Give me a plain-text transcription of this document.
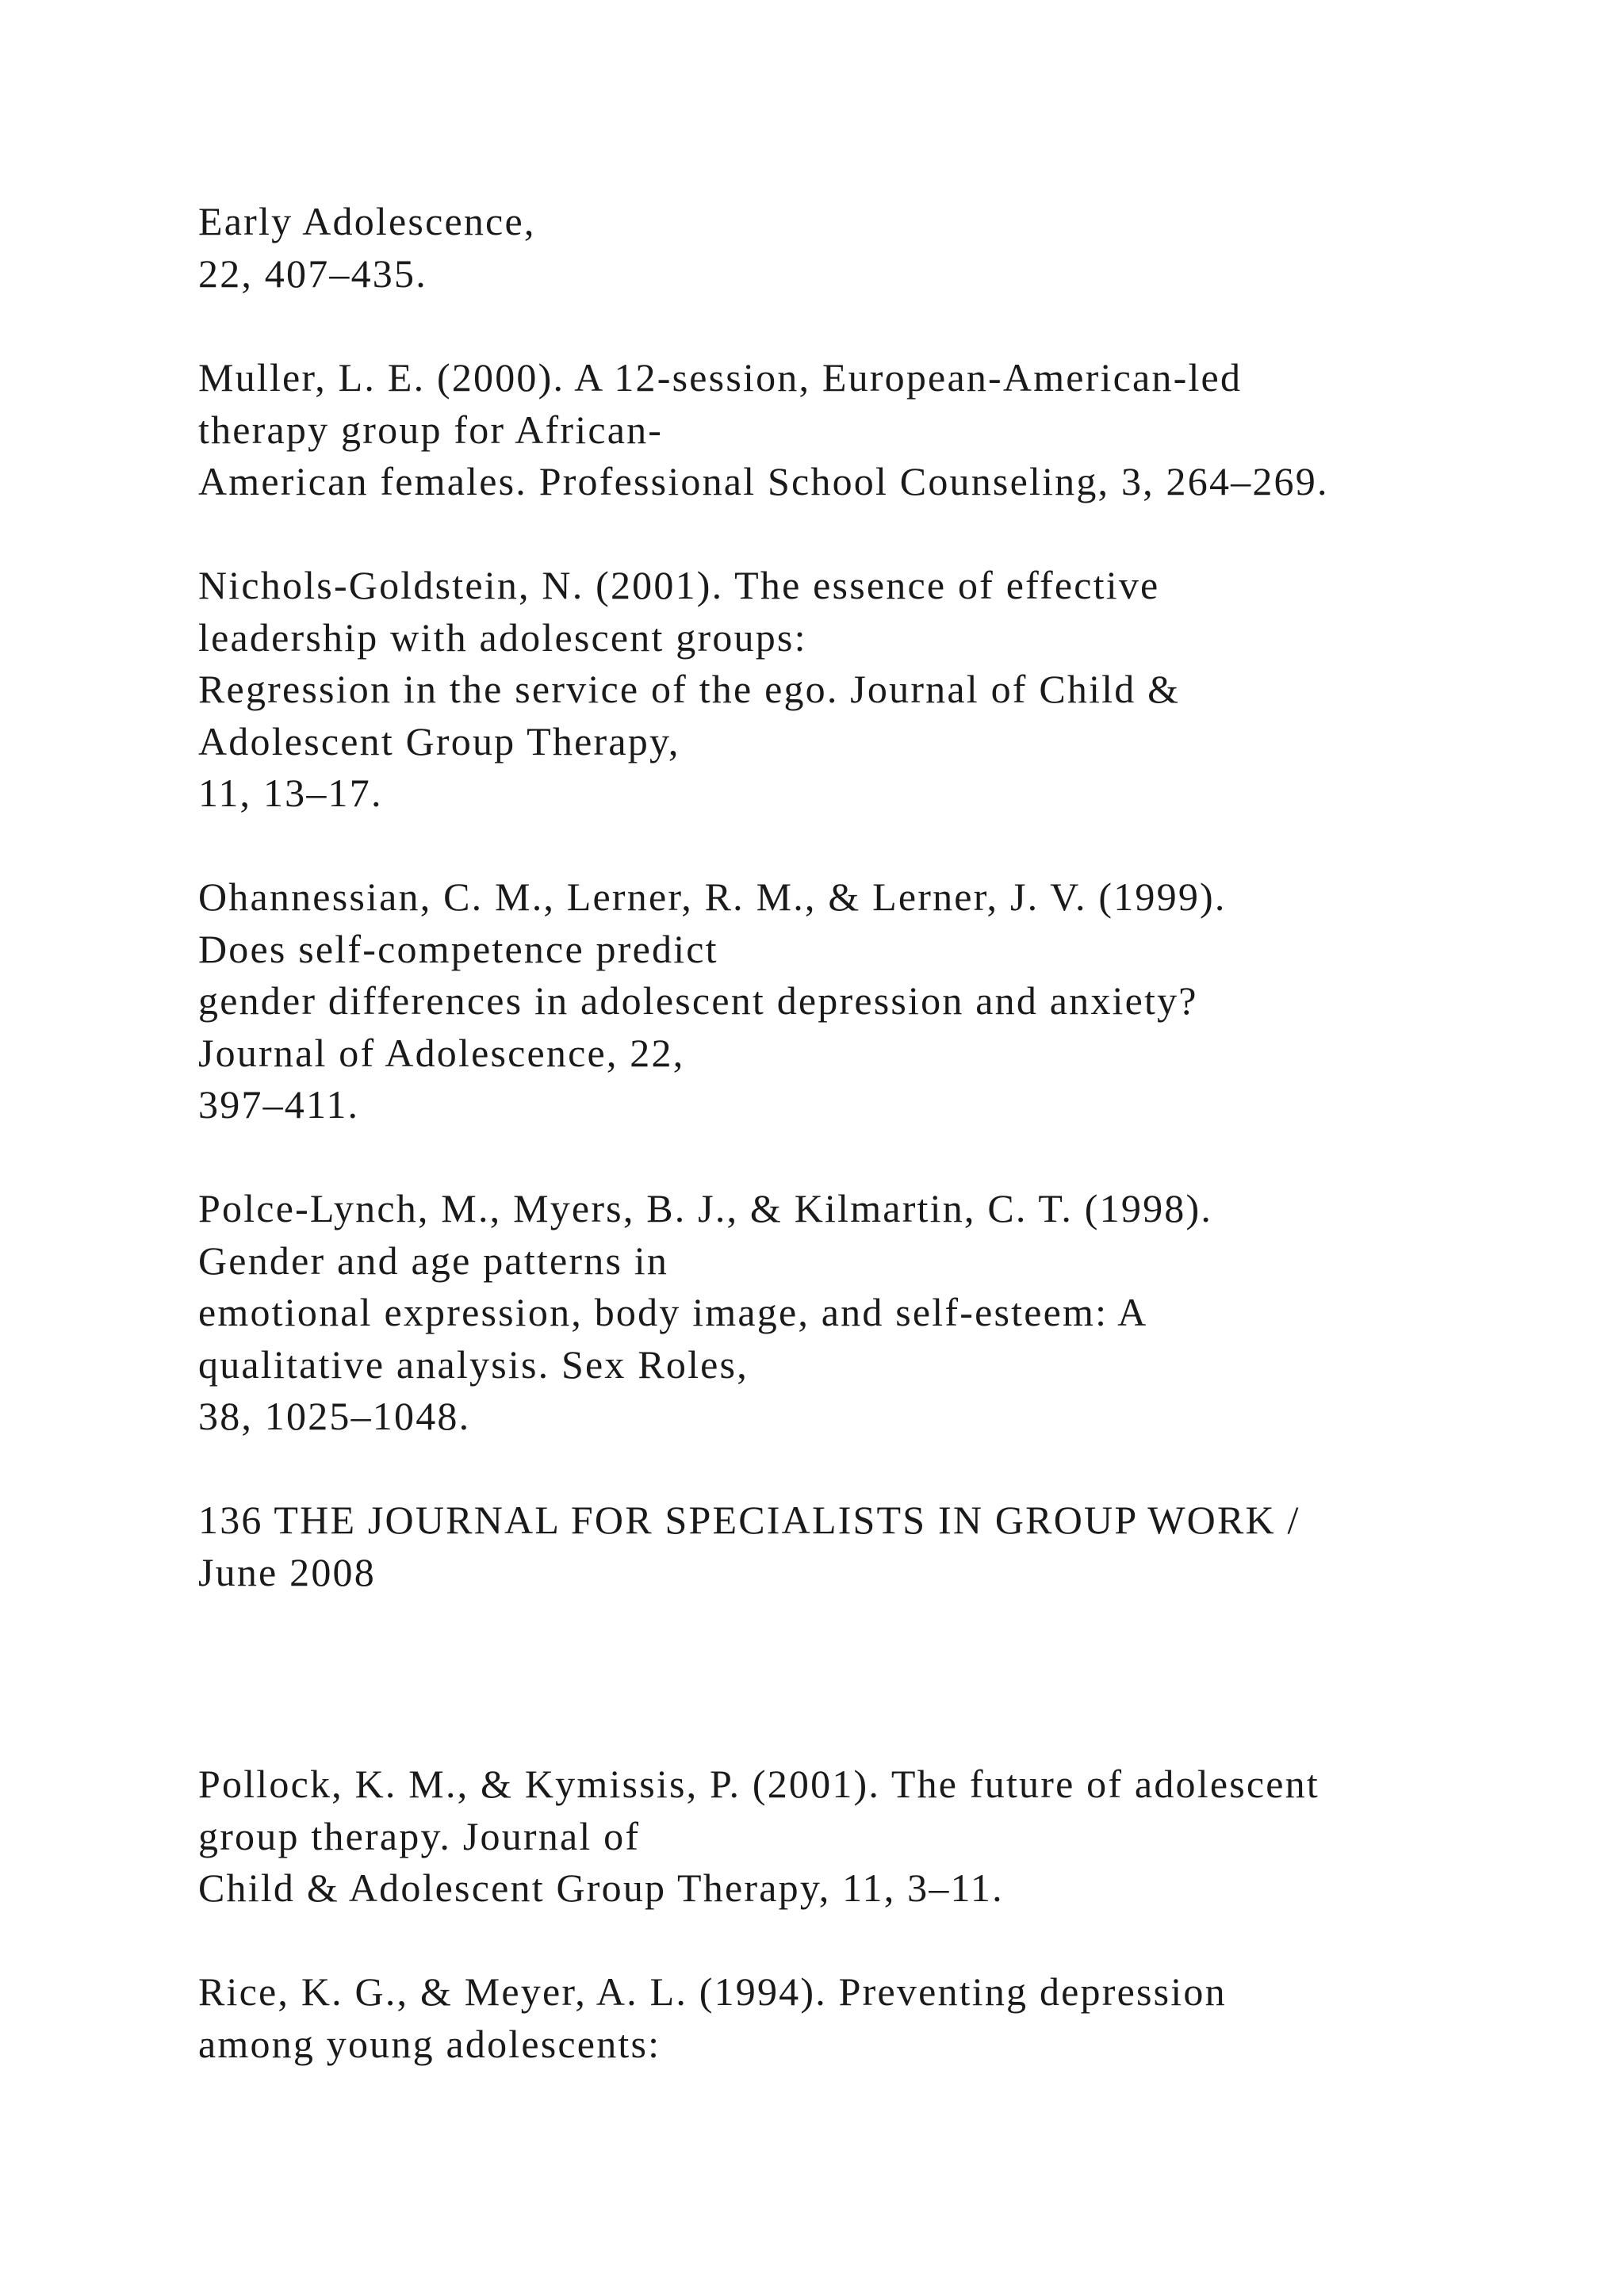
Early Adolescence,
22, 407–435.
Muller, L. E. (2000). A 12-session, European-American-led
therapy group for African-
American females. Professional School Counseling, 3, 264–269.
Nichols-Goldstein, N. (2001). The essence of effective
leadership with adolescent groups:
Regression in the service of the ego. Journal of Child &
Adolescent Group Therapy,
11, 13–17.
Ohannessian, C. M., Lerner, R. M., & Lerner, J. V. (1999).
Does self-competence predict
gender differences in adolescent depression and anxiety?
Journal of Adolescence, 22,
397–411.
Polce-Lynch, M., Myers, B. J., & Kilmartin, C. T. (1998).
Gender and age patterns in
emotional expression, body image, and self-esteem: A
qualitative analysis. Sex Roles,
38, 1025–1048.
136 THE JOURNAL FOR SPECIALISTS IN GROUP WORK /
June 2008
Pollock, K. M., & Kymissis, P. (2001). The future of adolescent
group therapy. Journal of
Child & Adolescent Group Therapy, 11, 3–11.
Rice, K. G., & Meyer, A. L. (1994). Preventing depression
among young adolescents:
